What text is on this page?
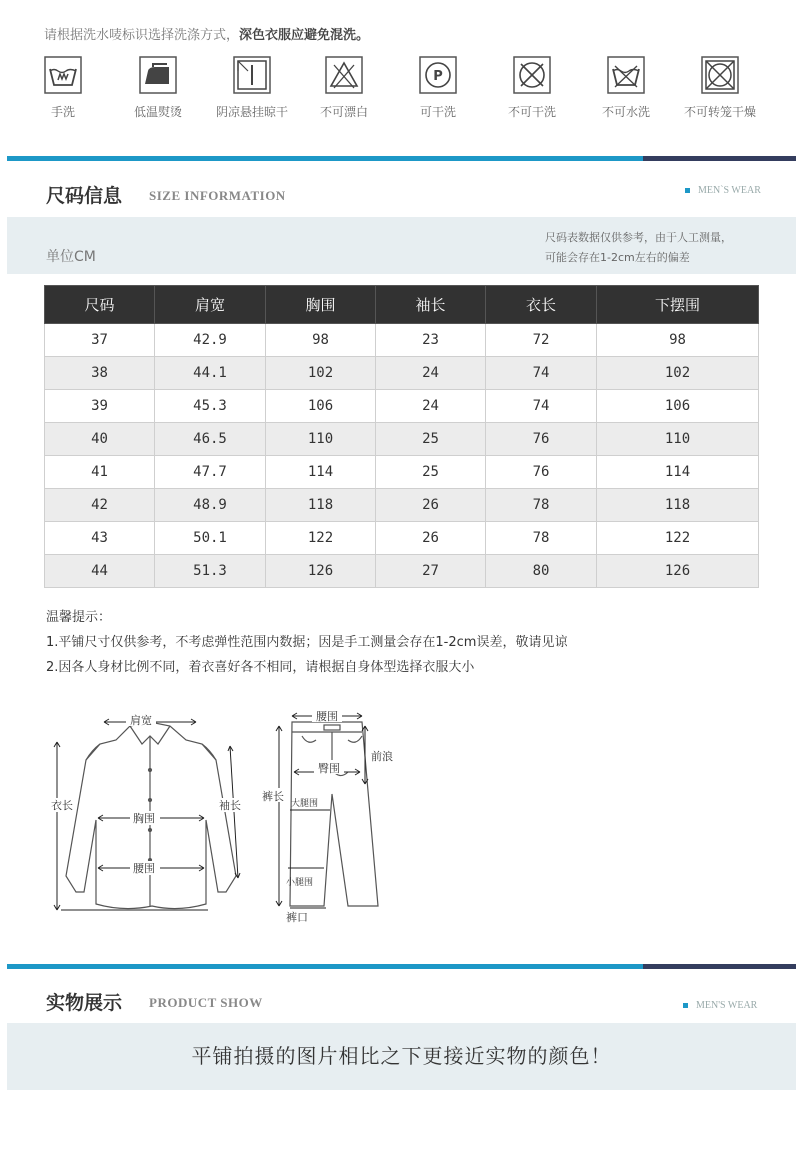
请根据洗水唛标识选择洗涤方式，深色衣服应避免混洗。
手洗	低温熨烫	阴凉悬挂晾干	不可漂白
P
可干洗	不可干洗	不可水洗	不可转笼干燥
尺码信息 SIZE INFORMATION	MEN`S WEAR
单位CM
尺码表数据仅供参考，由于人工测量，
可能会存在1-2cm左右的偏差
尺码	肩宽	胸围	袖长	衣长	下摆围
37	42.9	98	23	72	98
38	44.1	102	24	74	102
39	45.3	106	24	74	106
40	46.5	110	25	76	110
41	47.7	114	25	76	114
42	48.9	118	26	78	118
43	50.1	122	26	78	122
44	51.3	126	27	80	126
温馨提示：
1.平铺尺寸仅供参考，不考虑弹性范围内数据；因是手工测量会存在1-2cm误差，敬请见谅
2.因各人身材比例不同，着衣喜好各不相同，请根据自身体型选择衣服大小
肩宽
衣长	袖长
胸围
腰围
腰围
前浪
臀围
裤长
大腿围
小腿围
裤口
实物展示 PRODUCT SHOW	MEN'S WEAR
平铺拍摄的图片相比之下更接近实物的颜色！
